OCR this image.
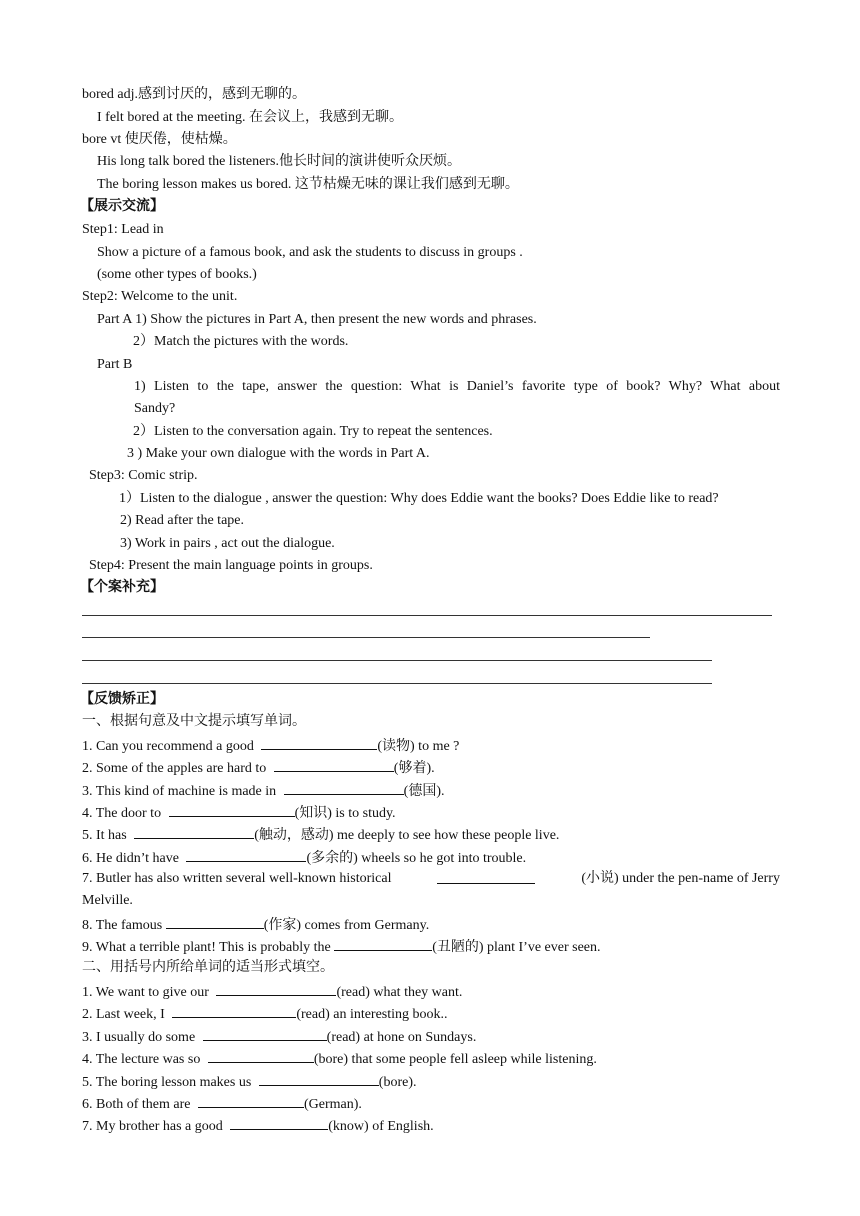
bored adj.感到讨厌的，感到无聊的。
I felt bored at the meeting. 在会议上，我感到无聊。
bore vt 使厌倦，使枯燥。
His long talk bored the listeners.他长时间的演讲使听众厌烦。
The boring lesson makes us bored. 这节枯燥无味的课让我们感到无聊。
【展示交流】
Step1: Lead in
Show a picture of a famous book, and ask the students to discuss in groups .
(some other types of books.)
Step2: Welcome to the unit.
Part A 1) Show the pictures in Part A, then present the new words and phrases.
2）Match the pictures with the words.
Part B
1) Listen to the tape, answer the question: What is Daniel’s favorite type of book? Why? What about
Sandy?
2）Listen to the conversation again. Try to repeat the sentences.
3 ) Make your own dialogue with the words in Part A.
Step3: Comic strip.
1）Listen to the dialogue , answer the question: Why does Eddie want the books? Does Eddie like to read?
2) Read after the tape.
3) Work in pairs , act out the dialogue.
Step4: Present the main language points in groups.
【个案补充】
【反馈矫正】
一、根据句意及中文提示填写单词。
1. Can you recommend a good	(读物) to me ?
2. Some of the apples are hard to	(够着).
3. This kind of machine is made in	(德国).
4. The door to	(知识) is to study.
5. It has	(触动，感动) me deeply to see how these people live.
6. He didn’t have	(多余的) wheels so he got into trouble.
7. Butler has also written several well-known historical	(小说) under the pen-name of Jerry
Melville.
8. The famous	(作家) comes from Germany.
9. What a terrible plant! This is probably the	(丑陋的) plant I’ve ever seen.
二、用括号内所给单词的适当形式填空。
1. We want to give our	(read) what they want.
2. Last week, I	(read) an interesting book..
3. I usually do some	(read) at hone on Sundays.
4. The lecture was so	(bore) that some people fell asleep while listening.
5. The boring lesson makes us	(bore).
6. Both of them are	(German).
7. My brother has a good	(know) of English.
